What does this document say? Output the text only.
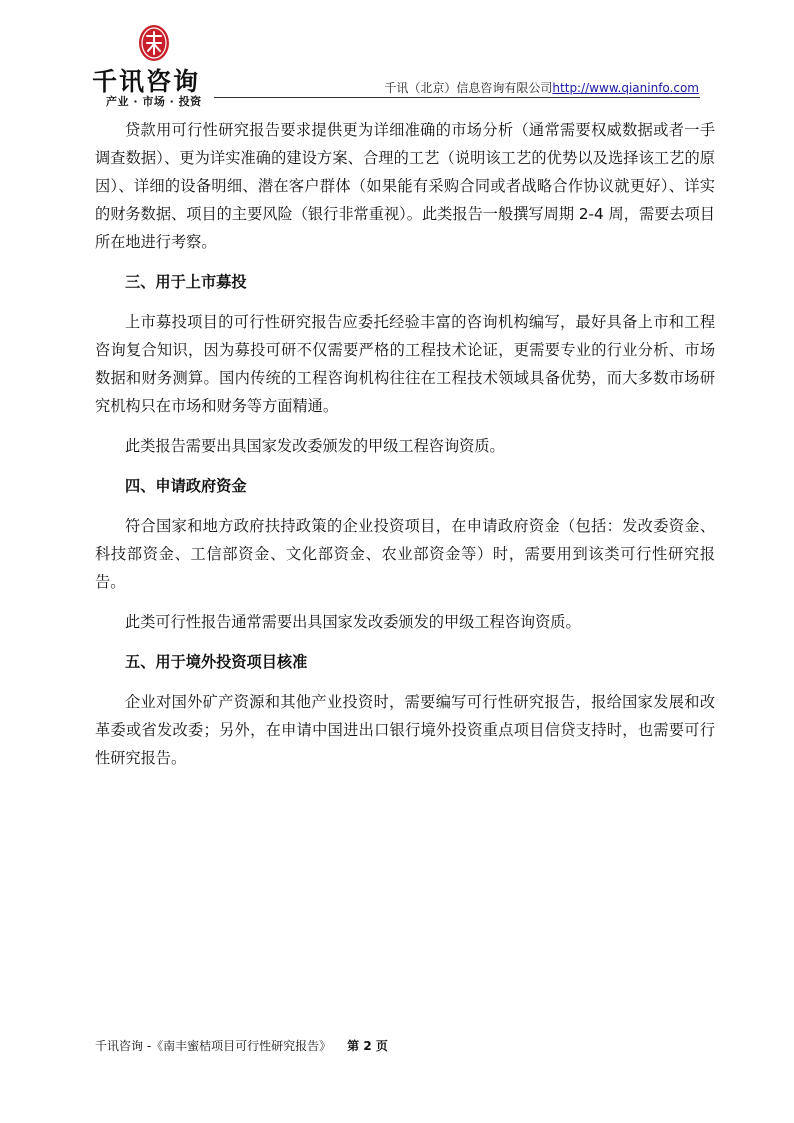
千讯咨询
产业 · 市场 · 投资
千讯（北京）信息咨询有限公司http://www.qianinfo.com

贷款用可行性研究报告要求提供更为详细准确的市场分析（通常需要权威数据或者一手调查数据）、更为详实准确的建设方案、合理的工艺（说明该工艺的优势以及选择该工艺的原因）、详细的设备明细、潜在客户群体（如果能有采购合同或者战略合作协议就更好）、详实的财务数据、项目的主要风险（银行非常重视）。此类报告一般撰写周期 2-4 周，需要去项目所在地进行考察。

三、用于上市募投

上市募投项目的可行性研究报告应委托经验丰富的咨询机构编写，最好具备上市和工程咨询复合知识，因为募投可研不仅需要严格的工程技术论证，更需要专业的行业分析、市场数据和财务测算。国内传统的工程咨询机构往往在工程技术领域具备优势，而大多数市场研究机构只在市场和财务等方面精通。

此类报告需要出具国家发改委颁发的甲级工程咨询资质。

四、申请政府资金

符合国家和地方政府扶持政策的企业投资项目，在申请政府资金（包括：发改委资金、科技部资金、工信部资金、文化部资金、农业部资金等）时，需要用到该类可行性研究报告。

此类可行性报告通常需要出具国家发改委颁发的甲级工程咨询资质。

五、用于境外投资项目核准

企业对国外矿产资源和其他产业投资时，需要编写可行性研究报告，报给国家发展和改革委或省发改委；另外，在申请中国进出口银行境外投资重点项目信贷支持时，也需要可行性研究报告。

千讯咨询 -《南丰蜜桔项目可行性研究报告》 第 2 页
